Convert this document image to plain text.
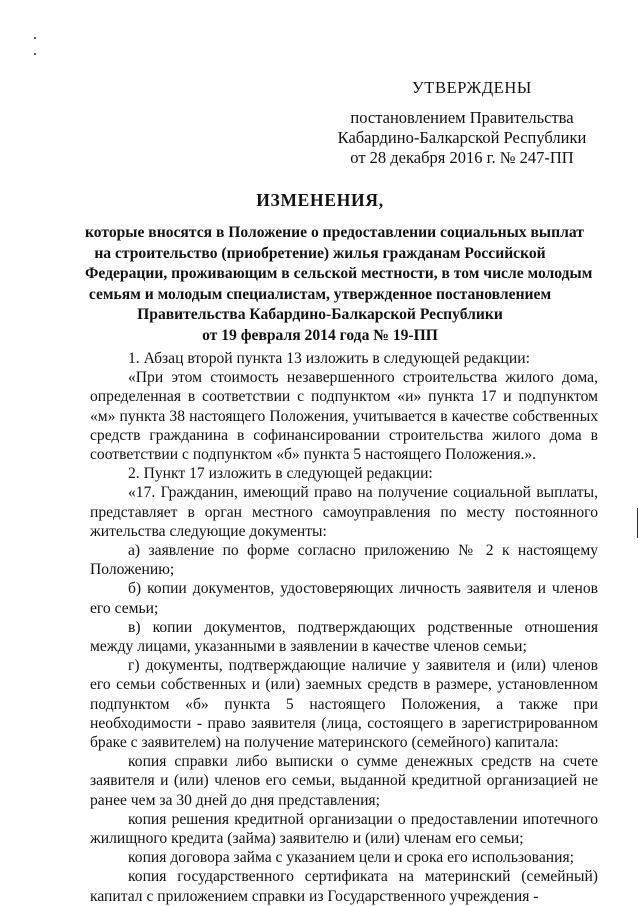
УТВЕРЖДЕНЫ
постановлением Правительства
Кабардино-Балкарской Республики
от 28 декабря 2016 г. № 247-ПП
ИЗМЕНЕНИЯ,
которые вносятся в Положение о предоставлении социальных выплат
на строительство (приобретение) жилья гражданам Российской
Федерации, проживающим в сельской местности, в том числе молодым
семьям и молодым специалистам, утвержденное постановлением
Правительства Кабардино-Балкарской Республики
от 19 февраля 2014 года № 19-ПП

1. Абзац второй пункта 13 изложить в следующей редакции:

«При этом стоимость незавершенного строительства жилого дома, определенная в соответствии с подпунктом «и» пункта 17 и подпунктом «м» пункта 38 настоящего Положения, учитывается в качестве собственных средств гражданина в софинансировании строительства жилого дома в соответствии с подпунктом «б» пункта 5 настоящего Положения.».

2. Пункт 17 изложить в следующей редакции:

«17. Гражданин, имеющий право на получение социальной выплаты, представляет в орган местного самоуправления по месту постоянного жительства следующие документы:

а) заявление по форме согласно приложению № 2 к настоящему Положению;

б) копии документов, удостоверяющих личность заявителя и членов его семьи;

в) копии документов, подтверждающих родственные отношения между лицами, указанными в заявлении в качестве членов семьи;

г) документы, подтверждающие наличие у заявителя и (или) членов его семьи собственных и (или) заемных средств в размере, установленном подпунктом «б» пункта 5 настоящего Положения, а также при необходимости - право заявителя (лица, состоящего в зарегистрированном браке с заявителем) на получение материнского (семейного) капитала:

копия справки либо выписки о сумме денежных средств на счете заявителя и (или) членов его семьи, выданной кредитной организацией не ранее чем за 30 дней до дня представления;

копия решения кредитной организации о предоставлении ипотечного жилищного кредита (займа) заявителю и (или) членам его семьи;

копия договора займа с указанием цели и срока его использования;

копия государственного сертификата на материнский (семейный) капитал с приложением справки из Государственного учреждения -
